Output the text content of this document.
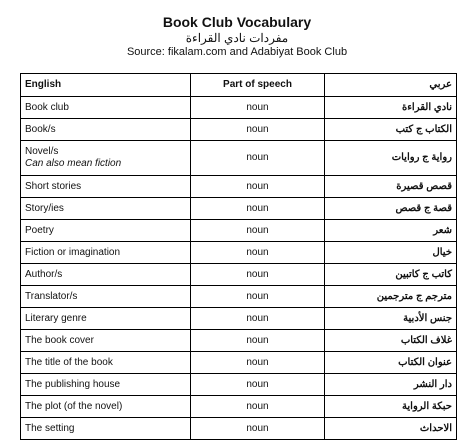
Book Club Vocabulary
مفردات نادي القراءة
Source: fikalam.com and Adabiyat Book Club
English	Part of speech	عربي
Book club	noun	نادي القراءة
Book/s	noun	الكتاب ج كتب
Novel/s
Can also mean fiction	noun	رواية ج روايات
Short stories	noun	قصص قصيرة
Story/ies	noun	قصة ج قصص
Poetry	noun	شعر
Fiction or imagination	noun	خيال
Author/s	noun	كاتب ج كاتبين
Translator/s	noun	مترجم ج مترجمين
Literary genre	noun	جنس الأدبية
The book cover	noun	غلاف الكتاب
The title of the book	noun	عنوان الكتاب
The publishing house	noun	دار النشر
The plot (of the novel)	noun	حبكة الرواية
The setting	noun	الاحداث
